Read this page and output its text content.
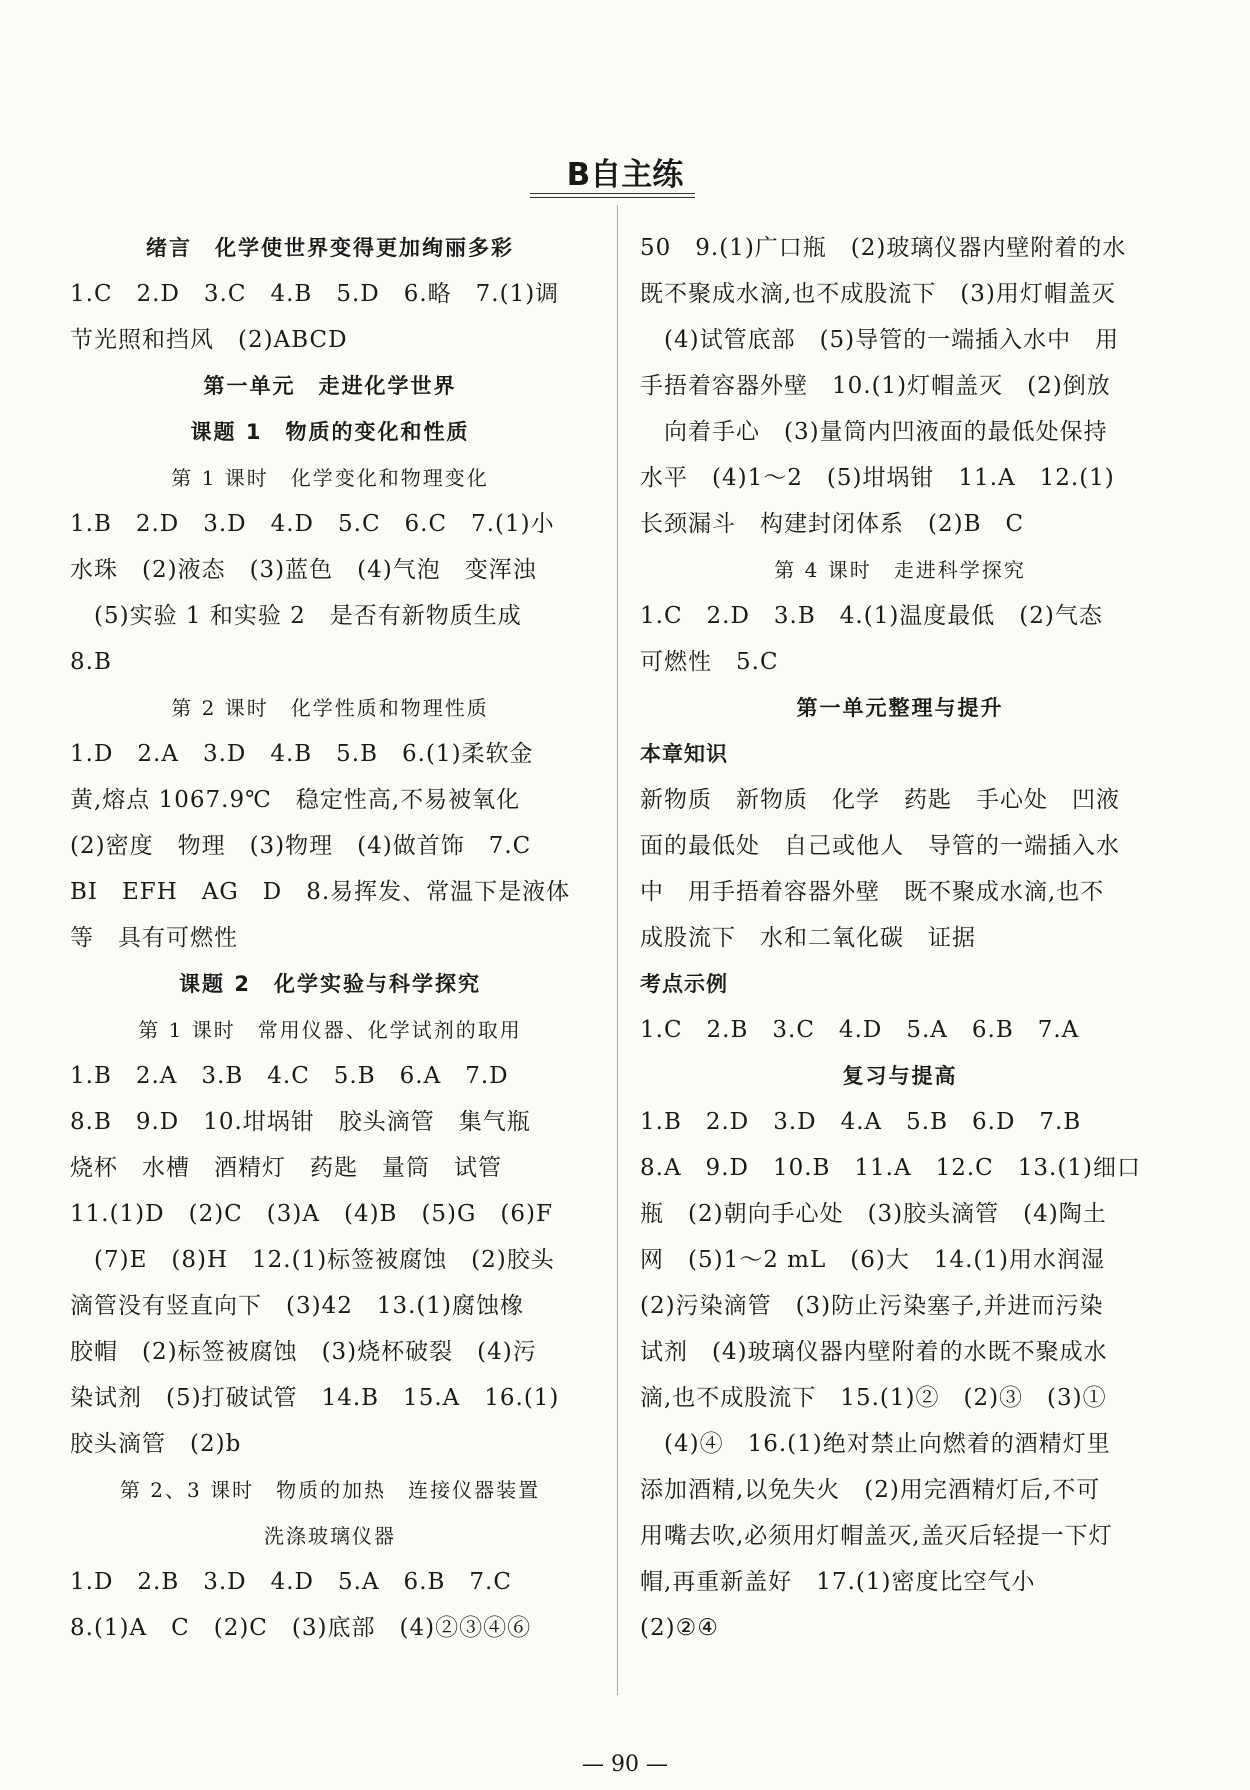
B自主练
绪言　化学使世界变得更加绚丽多彩
1.C　2.D　3.C　4.B　5.D　6.略　7.(1)调
节光照和挡风　(2)ABCD
第一单元　走进化学世界
课题 1　物质的变化和性质
第 1 课时　化学变化和物理变化
1.B　2.D　3.D　4.D　5.C　6.C　7.(1)小
水珠　(2)液态　(3)蓝色　(4)气泡　变浑浊
　(5)实验 1 和实验 2　是否有新物质生成
8.B
第 2 课时　化学性质和物理性质
1.D　2.A　3.D　4.B　5.B　6.(1)柔软金
黄,熔点 1067.9℃　稳定性高,不易被氧化
(2)密度　物理　(3)物理　(4)做首饰　7.C
BI　EFH　AG　D　8.易挥发、常温下是液体
等　具有可燃性
课题 2　化学实验与科学探究
第 1 课时　常用仪器、化学试剂的取用
1.B　2.A　3.B　4.C　5.B　6.A　7.D
8.B　9.D　10.坩埚钳　胶头滴管　集气瓶
烧杯　水槽　酒精灯　药匙　量筒　试管
11.(1)D　(2)C　(3)A　(4)B　(5)G　(6)F
　(7)E　(8)H　12.(1)标签被腐蚀　(2)胶头
滴管没有竖直向下　(3)42　13.(1)腐蚀橡
胶帽　(2)标签被腐蚀　(3)烧杯破裂　(4)污
染试剂　(5)打破试管　14.B　15.A　16.(1)
胶头滴管　(2)b
第 2、3 课时　物质的加热　连接仪器装置
洗涤玻璃仪器
1.D　2.B　3.D　4.D　5.A　6.B　7.C
8.(1)A　C　(2)C　(3)底部　(4)②③④⑥
50　9.(1)广口瓶　(2)玻璃仪器内壁附着的水
既不聚成水滴,也不成股流下　(3)用灯帽盖灭
　(4)试管底部　(5)导管的一端插入水中　用
手捂着容器外壁　10.(1)灯帽盖灭　(2)倒放
　向着手心　(3)量筒内凹液面的最低处保持
水平　(4)1～2　(5)坩埚钳　11.A　12.(1)
长颈漏斗　构建封闭体系　(2)B　C
第 4 课时　走进科学探究
1.C　2.D　3.B　4.(1)温度最低　(2)气态
可燃性　5.C
第一单元整理与提升
本章知识
新物质　新物质　化学　药匙　手心处　凹液
面的最低处　自己或他人　导管的一端插入水
中　用手捂着容器外壁　既不聚成水滴,也不
成股流下　水和二氧化碳　证据
考点示例
1.C　2.B　3.C　4.D　5.A　6.B　7.A
复习与提高
1.B　2.D　3.D　4.A　5.B　6.D　7.B
8.A　9.D　10.B　11.A　12.C　13.(1)细口
瓶　(2)朝向手心处　(3)胶头滴管　(4)陶土
网　(5)1～2 mL　(6)大　14.(1)用水润湿
(2)污染滴管　(3)防止污染塞子,并进而污染
试剂　(4)玻璃仪器内壁附着的水既不聚成水
滴,也不成股流下　15.(1)②　(2)③　(3)①
　(4)④　16.(1)绝对禁止向燃着的酒精灯里
添加酒精,以免失火　(2)用完酒精灯后,不可
用嘴去吹,必须用灯帽盖灭,盖灭后轻提一下灯
帽,再重新盖好　17.(1)密度比空气小
(2)②④
— 90 —
